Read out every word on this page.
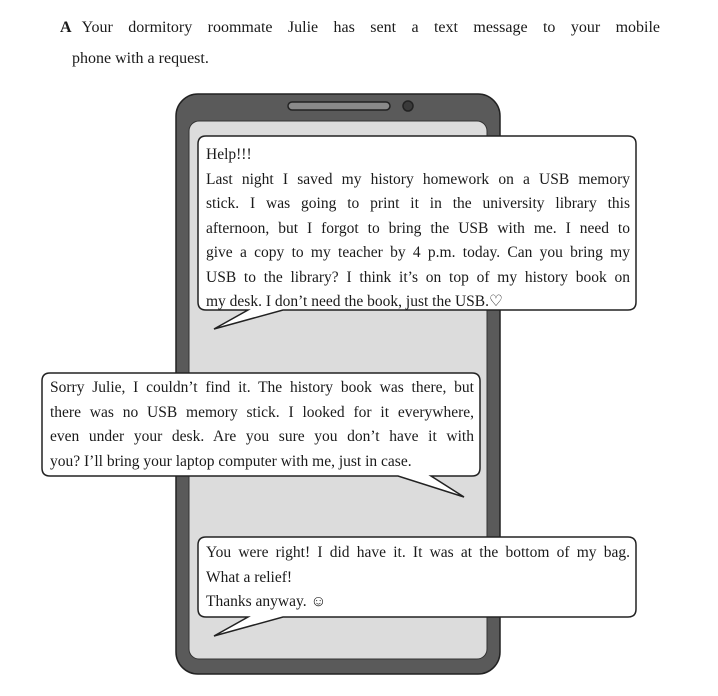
A Your dormitory roommate Julie has sent a text message to your mobile
phone with a request.
Help!!!
Last night I saved my history homework on a USB memory
stick. I was going to print it in the university library this
afternoon, but I forgot to bring the USB with me. I need to
give a copy to my teacher by 4 p.m. today. Can you bring my
USB to the library? I think it’s on top of my history book on
my desk. I don’t need the book, just the USB.♡
Sorry Julie, I couldn’t find it. The history book was there, but
there was no USB memory stick. I looked for it everywhere,
even under your desk. Are you sure you don’t have it with
you? I’ll bring your laptop computer with me, just in case.
You were right! I did have it. It was at the bottom of my bag.
What a relief!
Thanks anyway. ☺
